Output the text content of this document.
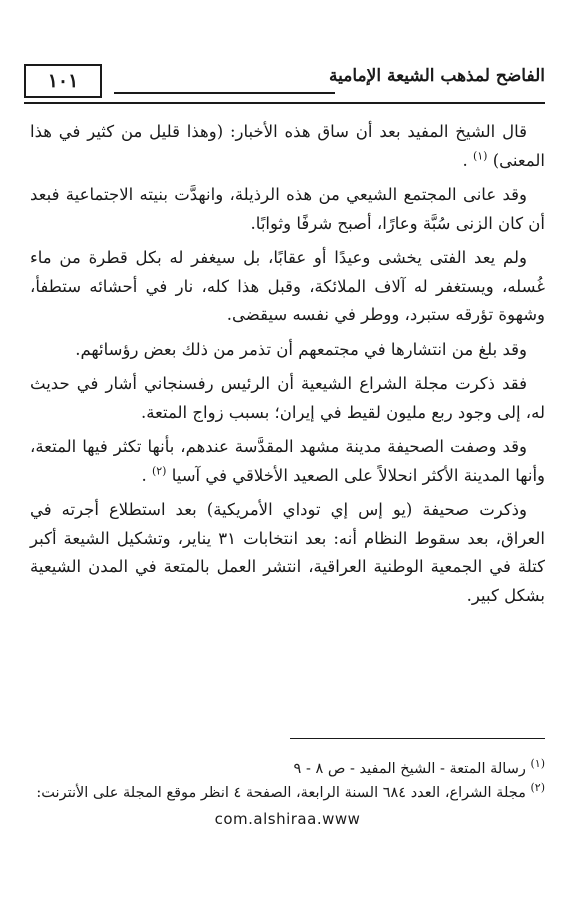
١٠١	الفاضح لمذهب الشيعة الإمامية

قال الشيخ المفيد بعد أن ساق هذه الأخبار: (وهذا قليل من كثير في هذا المعنى) $^{(١)}$ .

وقد عانى المجتمع الشيعي من هذه الرذيلة، وانهدَّت بنيته الاجتماعية فبعد أن كان الزنى سُبَّة وعارًا، أصبح شرفًا وثوابًا.

ولم يعد الفتى يخشى وعيدًا أو عقابًا، بل سيغفر له بكل قطرة من ماء غُسله، ويستغفر له آلاف الملائكة، وقبل هذا كله، نار في أحشائه ستطفأ، وشهوة تؤرقه ستبرد، ووطر في نفسه سيقضى.

وقد بلغ من انتشارها في مجتمعهم أن تذمر من ذلك بعض رؤسائهم.

فقد ذكرت مجلة الشراع الشيعية أن الرئيس رفسنجاني أشار في حديث له، إلى وجود ربع مليون لقيط في إيران؛ بسبب زواج المتعة.

وقد وصفت الصحيفة مدينة مشهد المقدَّسة عندهم، بأنها تكثر فيها المتعة، وأنها المدينة الأكثر انحلالاً على الصعيد الأخلاقي في آسيا $^{(٢)}$ .

وذكرت صحيفة (يو إس إي توداي الأمريكية) بعد استطلاع أجرته في العراق، بعد سقوط النظام أنه: بعد انتخابات ٣١ يناير، وتشكيل الشيعة أكبر كتلة في الجمعية الوطنية العراقية، انتشر العمل بالمتعة في المدن الشيعية بشكل كبير.

$^{(١)}$ رسالة المتعة - الشيخ المفيد - ص ٨ - ٩

$^{(٢)}$ مجلة الشراع، العدد ٦٨٤ السنة الرابعة، الصفحة ٤ انظر موقع المجلة على الأنترنت:

com.alshiraa.www
